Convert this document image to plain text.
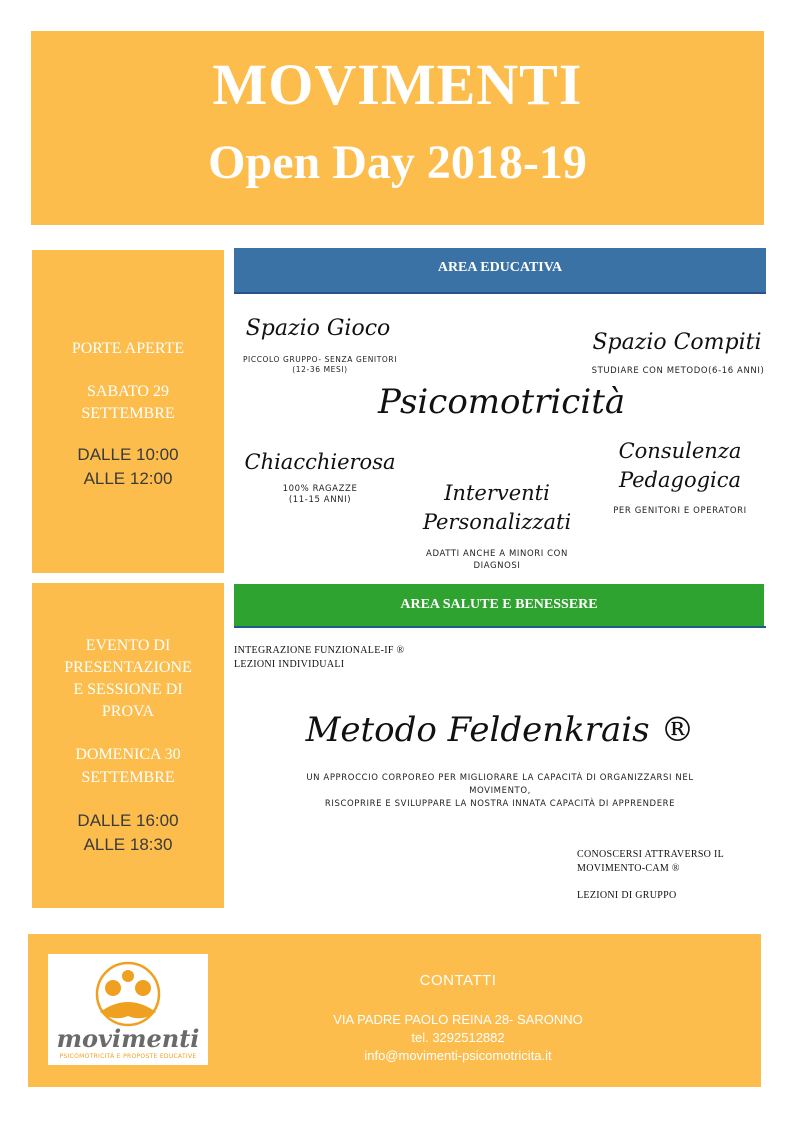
MOVIMENTI
Open Day 2018-19
PORTE APERTE
SABATO 29
SETTEMBRE
DALLE 10:00
ALLE 12:00
EVENTO DI
PRESENTAZIONE
E SESSIONE DI
PROVA
DOMENICA 30
SETTEMBRE
DALLE 16:00
ALLE 18:30
AREA EDUCATIVA
Spazio Gioco
PICCOLO GRUPPO- SENZA GENITORI
(12-36 MESI)
Spazio Compiti
STUDIARE CON METODO(6-16 ANNI)
Psicomotricità
Chiacchierosa
100% RAGAZZE
(11-15 ANNI)
Consulenza
Pedagogica
PER GENITORI E OPERATORI
Interventi
Personalizzati
ADATTI ANCHE A MINORI CON
DIAGNOSI
AREA SALUTE E BENESSERE
INTEGRAZIONE FUNZIONALE-IF ®
LEZIONI INDIVIDUALI
Metodo Feldenkrais ®
UN APPROCCIO CORPOREO PER MIGLIORARE LA CAPACITÀ DI ORGANIZZARSI NEL
MOVIMENTO,
RISCOPRIRE E SVILUPPARE LA NOSTRA INNATA CAPACITÀ DI APPRENDERE
CONOSCERSI ATTRAVERSO IL
MOVIMENTO-CAM ®
LEZIONI DI GRUPPO
movimenti
PSICOMOTRICITÀ E PROPOSTE EDUCATIVE
CONTATTI
VIA PADRE PAOLO REINA 28- SARONNO
tel. 3292512882
info@movimenti-psicomotricita.it
